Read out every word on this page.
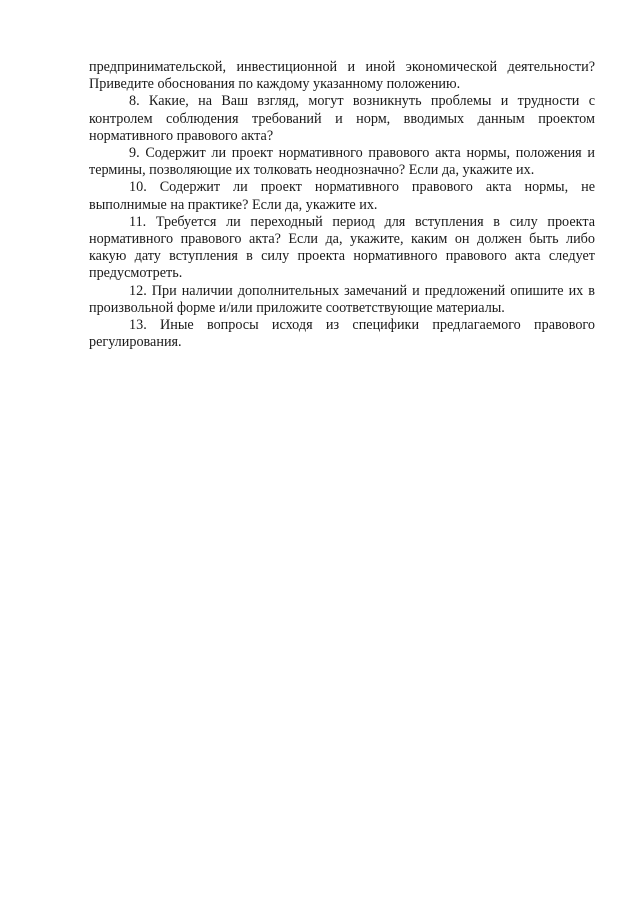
предпринимательской, инвестиционной и иной экономической деятельности? Приведите обоснования по каждому указанному положению.

8. Какие, на Ваш взгляд, могут возникнуть проблемы и трудности с контролем соблюдения требований и норм, вводимых данным проектом нормативного правового акта?

9. Содержит ли проект нормативного правового акта нормы, положения и термины, позволяющие их толковать неоднозначно? Если да, укажите их.

10. Содержит ли проект нормативного правового акта нормы, не выполнимые на практике? Если да, укажите их.

11. Требуется ли переходный период для вступления в силу проекта нормативного правового акта? Если да, укажите, каким он должен быть либо какую дату вступления в силу проекта нормативного правового акта следует предусмотреть.

12. При наличии дополнительных замечаний и предложений опишите их в произвольной форме и/или приложите соответствующие материалы.

13. Иные вопросы исходя из специфики предлагаемого правового регулирования.
